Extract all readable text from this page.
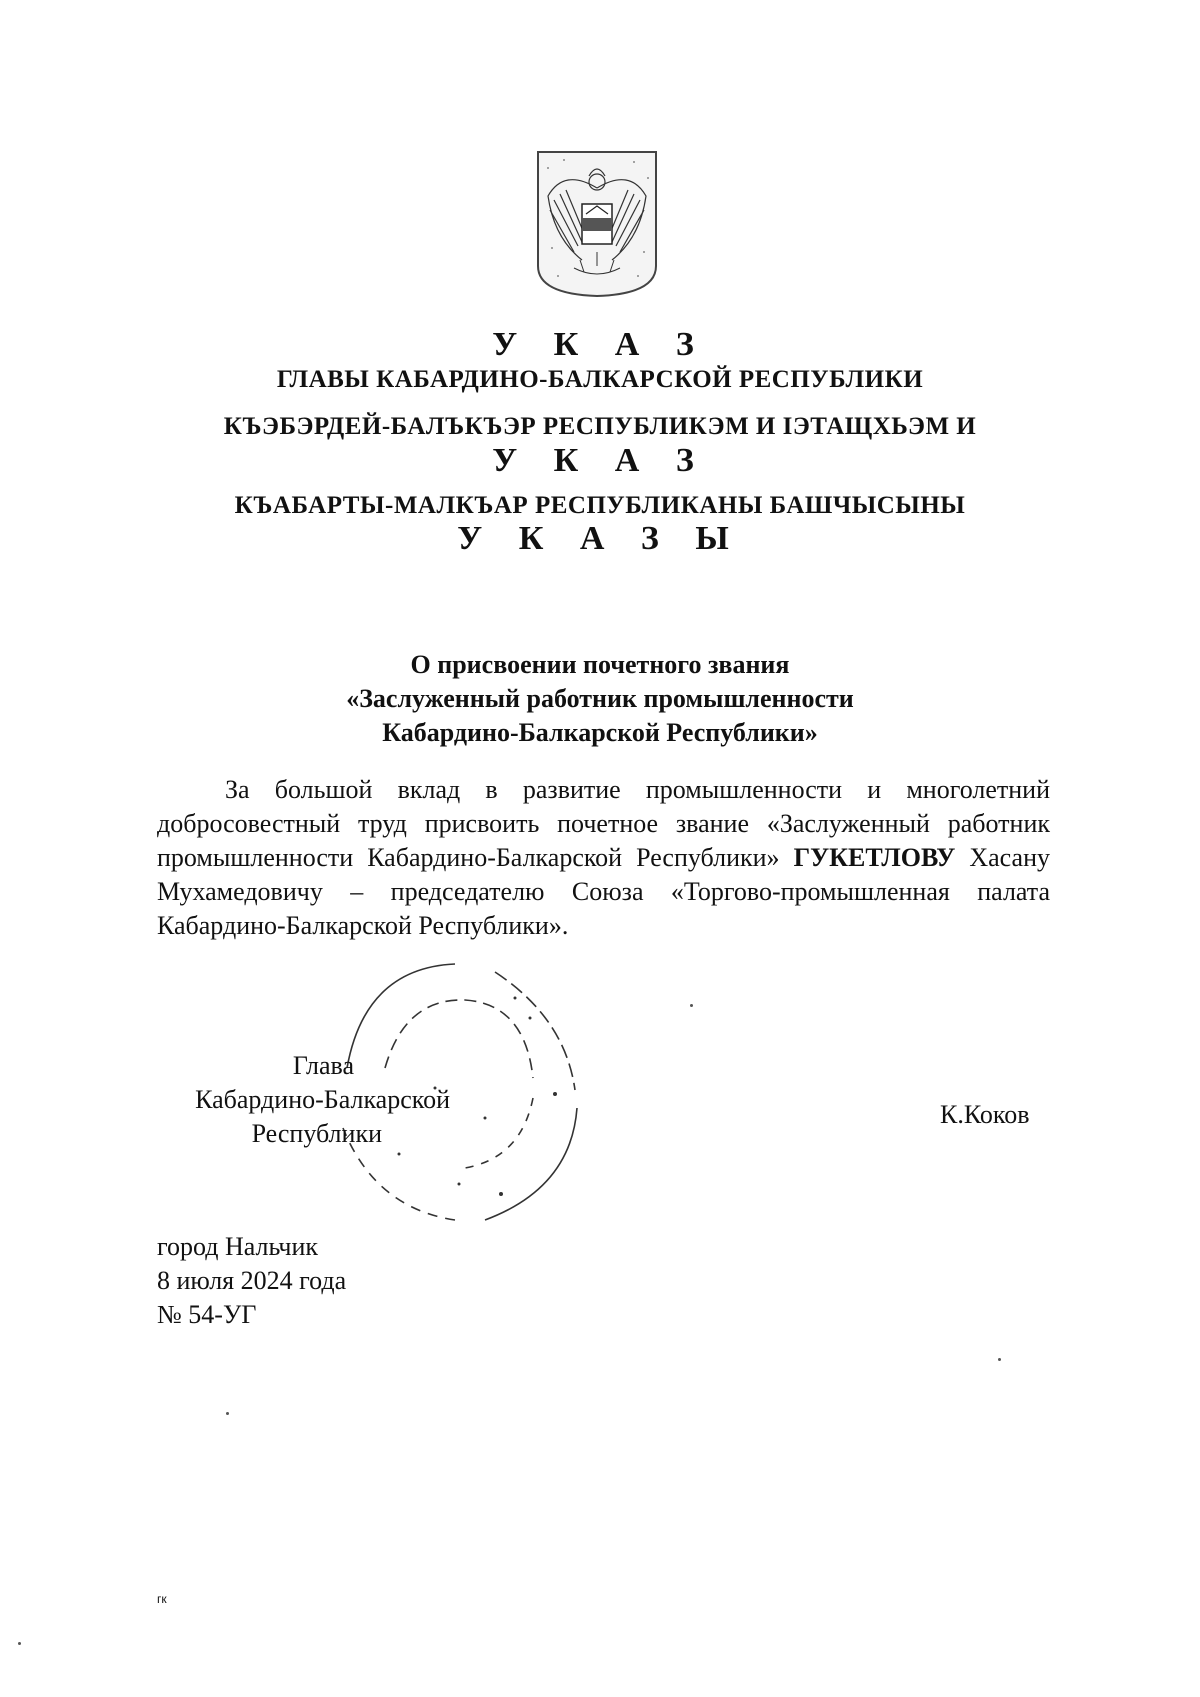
У К А З
ГЛАВЫ КАБАРДИНО-БАЛКАРСКОЙ РЕСПУБЛИКИ
КЪЭБЭРДЕЙ-БАЛЪКЪЭР РЕСПУБЛИКЭМ И IЭТАЩХЬЭМ И
У К А З
КЪАБАРТЫ-МАЛКЪАР РЕСПУБЛИКАНЫ БАШЧЫСЫНЫ
У К А З Ы
О присвоении почетного звания
«Заслуженный работник промышленности
Кабардино-Балкарской Республики»

За большой вклад в развитие промышленности и многолетний добросовестный труд присвоить почетное звание «Заслуженный работник промышленности Кабардино-Балкарской Республики» ГУКЕТЛОВУ Хасану Мухамедовичу – председателю Союза «Торгово-промышленная палата Кабардино-Балкарской Республики».

Глава
Кабардино-Балкарской
Республики
К.Коков
город Нальчик
8 июля 2024 года
№ 54-УГ
гк
